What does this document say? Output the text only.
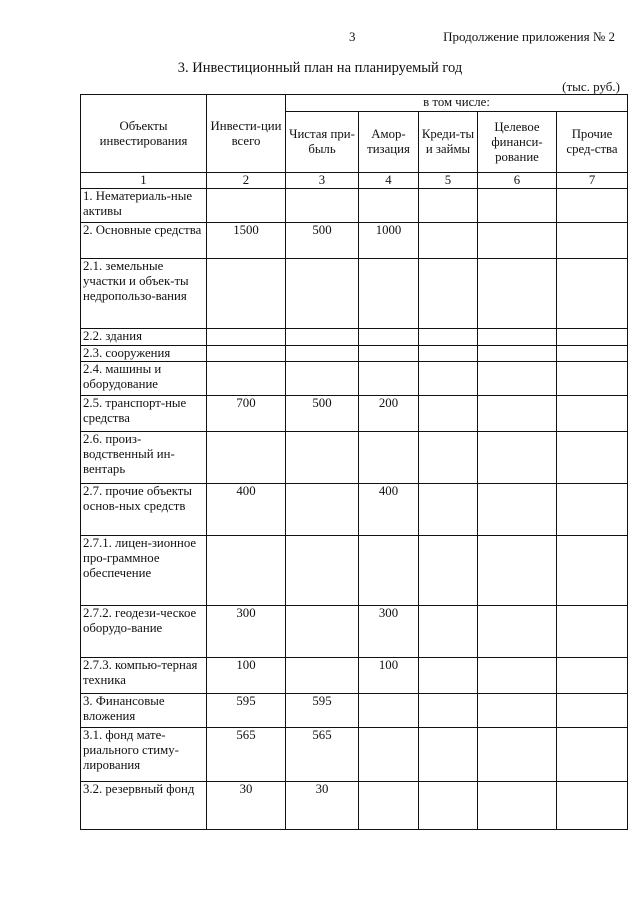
3	Продолжение приложения № 2
3. Инвестиционный план на планируемый год
(тыс. руб.)
Объекты инвестирования	Инвести-ции всего	в том числе:				
		Чистая при-быль	Амор-тизация	Креди-ты и займы	Целевое финанси-рование	Прочие сред-ства
1	2	3	4	5	6	7
1. Нематериаль-ные активы						
2. Основные средства	1500	500	1000			
2.1. земельные участки и объек-ты недропользо-вания						
2.2. здания						
2.3. сооружения						
2.4. машины и оборудование						
2.5. транспорт-ные средства	700	500	200			
2.6. произ-водственный ин-вентарь						
2.7. прочие объекты основ-ных средств	400		400			
2.7.1. лицен-зионное про-граммное обеспечение						
2.7.2. геодези-ческое оборудо-вание	300		300			
2.7.3. компью-терная техника	100		100			
3. Финансовые вложения	595	595				
3.1. фонд мате-риального стиму-лирования	565	565				
3.2. резервный фонд	30	30				
